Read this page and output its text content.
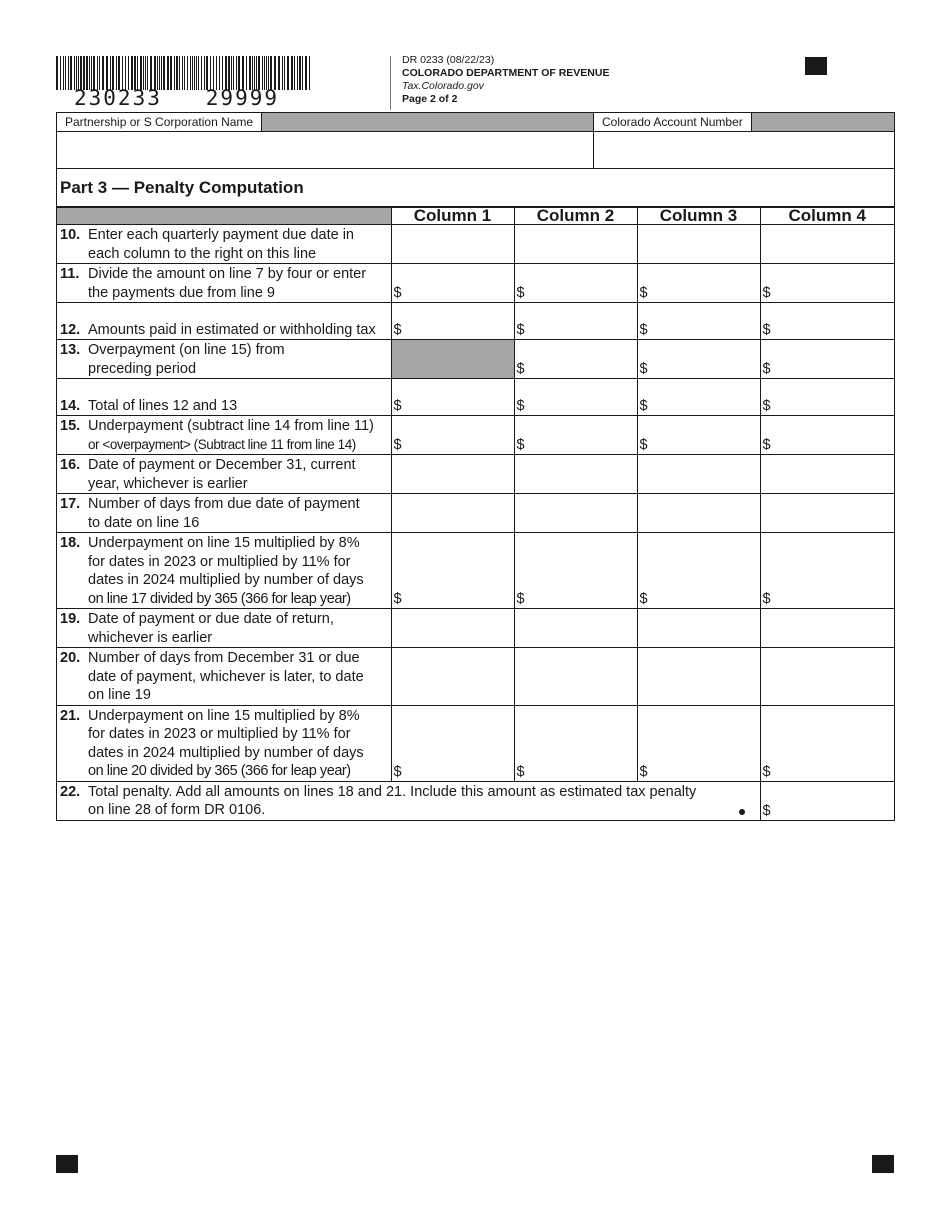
230233   29999
DR 0233 (08/22/23)
COLORADO DEPARTMENT OF REVENUE
Tax.Colorado.gov
Page 2 of 2
Partnership or S Corporation Name	Colorado Account Number
Part 3 — Penalty Computation
	Column 1	Column 2	Column 3	Column 4

10. Enter each quarterly payment due date in
each column to the right on this line				

11. Divide the amount on line 7 by four or enter
the payments due from line 9	$	$	$	$

12. Amounts paid in estimated or withholding tax	$	$	$	$

13. Overpayment (on line 15) from
preceding period		$	$	$

14. Total of lines 12 and 13	$	$	$	$

15. Underpayment (subtract line 14 from line 11)
or <overpayment> (Subtract line 11 from line 14)	$	$	$	$

16. Date of payment or December 31, current
year, whichever is earlier				

17. Number of days from due date of payment
to date on line 16				

18. Underpayment on line 15 multiplied by 8%
for dates in 2023 or multiplied by 11% for
dates in 2024 multiplied by number of days
on line 17 divided by 365 (366 for leap year)	$	$	$	$

19. Date of payment or due date of return,
whichever is earlier				

20. Number of days from December 31 or due
date of payment, whichever is later, to date
on line 19				

21. Underpayment on line 15 multiplied by 8%
for dates in 2023 or multiplied by 11% for
dates in 2024 multiplied by number of days
on line 20 divided by 365 (366 for leap year)	$	$	$	$

22. Total penalty. Add all amounts on lines 18 and 21. Include this amount as estimated tax penalty
on line 28 of form DR 0106.				$
